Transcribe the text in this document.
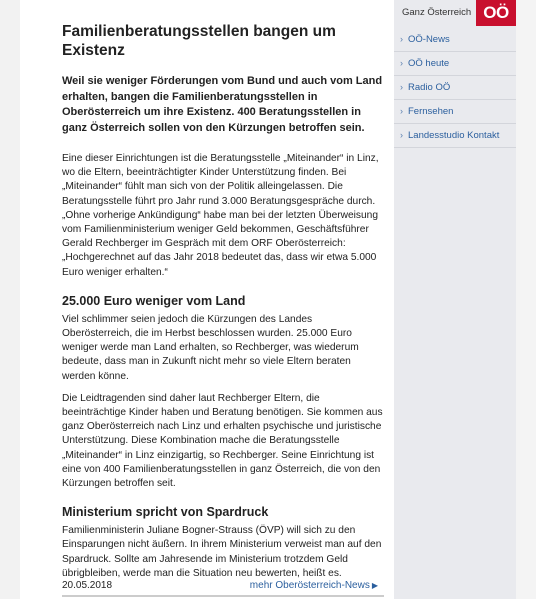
Familienberatungsstellen bangen um Existenz

Weil sie weniger Förderungen vom Bund und auch vom Land erhalten, bangen die Familienberatungsstellen in Oberösterreich um ihre Existenz. 400 Beratungsstellen in ganz Österreich sollen von den Kürzungen betroffen sein.

Eine dieser Einrichtungen ist die Beratungsstelle „Miteinander“ in Linz, wo die Eltern, beeinträchtigter Kinder Unterstützung finden. Bei „Miteinander“ fühlt man sich von der Politik alleingelassen. Die Beratungsstelle führt pro Jahr rund 3.000 Beratungsgespräche durch. „Ohne vorherige Ankündigung“ habe man bei der letzten Überweisung vom Familienministerium weniger Geld bekommen, Geschäftsführer Gerald Rechberger im Gespräch mit dem ORF Oberösterreich: „Hochgerechnet auf das Jahr 2018 bedeutet das, dass wir etwa 5.000 Euro weniger erhalten.“

25.000 Euro weniger vom Land

Viel schlimmer seien jedoch die Kürzungen des Landes Oberösterreich, die im Herbst beschlossen wurden. 25.000 Euro weniger werde man Land erhalten, so Rechberger, was wiederum bedeute, dass man in Zukunft nicht mehr so viele Eltern beraten werden könne.

Die Leidtragenden sind daher laut Rechberger Eltern, die beeinträchtige Kinder haben und Beratung benötigen. Sie kommen aus ganz Oberösterreich nach Linz und erhalten psychische und juristische Unterstützung. Diese Kombination mache die Beratungsstelle „Miteinander“ in Linz einzigartig, so Rechberger. Seine Einrichtung ist eine von 400 Familienberatungsstellen in ganz Österreich, die von den Kürzungen betroffen seit.

Ministerium spricht von Spardruck

Familienministerin Juliane Bogner-Strauss (ÖVP) will sich zu den Einsparungen nicht äußern. In ihrem Ministerium verweist man auf den Spardruck. Sollte am Jahresende im Ministerium trotzdem Geld übrigbleiben, werde man die Situation neu bewerten, heißt es.

20.05.2018	mehr Oberösterreich-News ▶
Ganz Österreich OÖ
› OÖ-News
› OÖ heute
› Radio OÖ
› Fernsehen
› Landesstudio Kontakt
